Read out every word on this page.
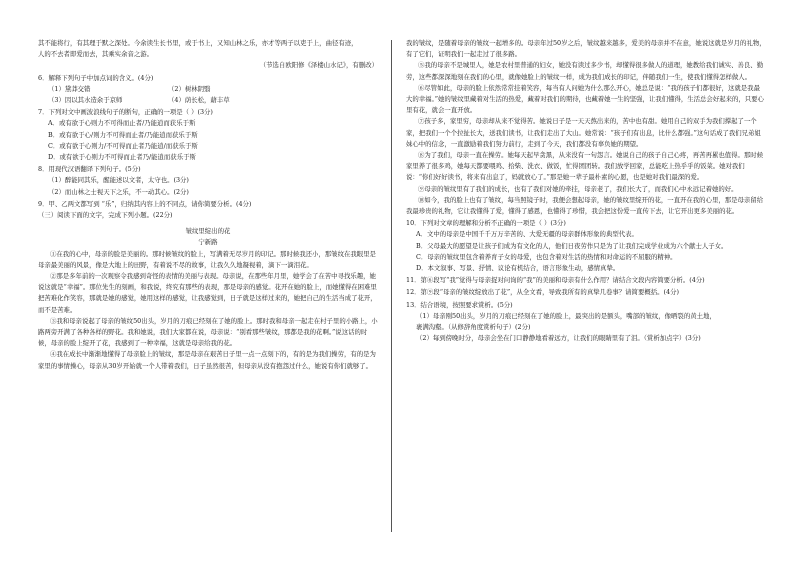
其不能将行，有其理于默之深处。今余读生长书里，或于书上，又知山林之乐，亦才等两子以吏于上，曲径有迹，

人的不去者即爱而去，其乘实余音之游。

（节选自欧阳修《泽楼山水记》，有删改）

6．解释下列句子中加点词的含义。(4分)

（1）黛莽交错	（2）树林阴翳
（3）因以其水造余于京师	（4）荫长松，藉丰草

7．下列对文中画波浪线句子的断句，正确的一项是（ ）(3分)

A．或有欲于心则力不可得而止者/乃能逍而获乐于斯

B．或有欲于心/则力不可得而止者/乃能逍而获乐于斯

C．或有欲于心则力/不可得而止者乃能逍/而获乐于斯

D．或有欲于心则力不可得而止者乃/能逍而获乐于斯

8．用现代汉语翻译下列句子。(5分)

（1）醉能同其乐，醒能述以文者，太守也。(3分)

（2）而山林之士视天下之乐，不一动其心。(2分)

9．甲、乙两文都写到 “乐”，归纳其内容上的不同点，请你简要分析。(4分)

（三）阅读下面的文字，完成下列小题。(22分)

皱纹里绽出的花

宁新路

①在我的心中，母亲的脸是美丽的。那时候皱纹的脸上，写满着无尽岁月的印记。那时候我还小，那皱纹在我眼里是母亲最美丽的风景，像是大地上的田野，有着说不尽的故事，让我久久地凝视着，滴下一滴泪花。

②那是多年前的一次观察令我感到奇怪的表情的美丽与表现。母亲说，在那些年月里，她学会了在苦中寻找乐趣，她说这就是“幸福”。那位先生的刻画，和我说，终究有那些的表现，那是母亲的感觉。花开在她的脸上，而她懂得在困难里把苦难化作笑容，那就是她的感觉，她用这样的感觉，让我感觉到，日子就是这样过来的，她把自己的生活当成了花开，而不是苦难。

③我和母亲说起了母亲的皱纹50出头，岁月的刀痕已经刻在了她的脸上。那时我和母亲一起走在村子里的小路上，小路两旁开满了各种各样的野花。我和她说，我们大家都在说，母亲说：“别看那些皱纹，那都是我的花啊。”说这话的时候，母亲的脸上绽开了花，我感到了一种幸福，这就是母亲给我的花。

④我在成长中渐渐地懂得了母亲脸上的皱纹，那是母亲在艰苦日子里一点一点刻下的，有的是为我们操劳，有的是为家里的事情操心，母亲从30岁开始就一个人带着我们，日子虽然很苦，但母亲从没有抱怨过什么，她说有你们就够了。

我的皱纹，是随着母亲的皱纹一起增多的。母亲年过50岁之后，皱纹越来越多，爱美的母亲并不在意，她说这就是岁月的礼物，有了它们，证明我们一起走过了很多路。

⑤我的母亲不是城里人，她是农村里普通的妇女，她没有读过多少书，却懂得很多做人的道理，她教给我们诚实、善良、勤劳，这些都深深地刻在我们的心里，就像她脸上的皱纹一样，成为我们成长的印记，伴随我们一生，使我们懂得怎样做人。

⑥尽管如此，母亲的脸上依然常常挂着笑容，每当有人问她为什么那么开心，她总是说：“我的孩子们都很好，这就是我最大的幸福。”她的皱纹里藏着对生活的热爱，藏着对我们的期待，也藏着她一生的坚强，让我们懂得，生活总会好起来的，只要心里有花，就会一直开放。

⑦孩子多，家里穷，母亲却从来不觉得苦。她说日子是一天天熬出来的，苦中也有甜。她用自己的双手为我们撑起了一个家，把我们一个个拉扯长大，送我们读书，让我们走出了大山。她常说：“孩子们有出息，比什么都强。”这句话成了我们兄弟姐妹心中的信念，一直激励着我们努力前行，走到了今天，我们都没有辜负她的期望。

⑧为了我们，母亲一直在操劳。她每天起早贪黑，从来没有一句怨言。她说自己的孩子自己心疼，再苦再累也值得。那时候家里养了很多鸡，她每天都要喂鸡、拾柴、洗衣、做饭，忙得团团转。我们放学回家，总能吃上热乎乎的饭菜。她对我们说：“你们好好读书，将来有出息了，妈就放心了。”那是她一辈子最朴素的心愿，也是她对我们最深的爱。

⑨母亲的皱纹里有了我们的成长，也有了我们对她的牵挂，母亲老了，我们长大了，而我们心中永远记着她的好。

⑩如今，我的脸上也有了皱纹，每当照镜子时，我便会想起母亲，她的皱纹里绽开的花，一直开在我的心里，那是母亲留给我最珍贵的礼物，它让我懂得了爱，懂得了感恩，也懂得了珍惜，我会把这份爱一直传下去，让它开出更多美丽的花。

10．下列对文章的理解和分析不正确的一项是（ ）(3分)

A．文中的母亲是中国千千万万辛苦的、大爱无疆的母亲群体形象的典型代表。

B．父母最大的愿望是让孩子们成为有文化的人，他们日夜劳作只是为了让我们完成学业成为六个献士人子女。

C．母亲的皱纹里包含着养育子女的母爱，也包含着对生活的热情和对命运的不屈服的精神。

D．本文叙事、写景、抒情、议论有机结合，语言形象生动，感情真挚。

11．第⑥段写“我”觉得与母亲捉对问询的“我”的美丽和母亲有什么作用？请结合文段内容简要分析。(4分)

12．第⑨段“母亲的皱纹绽放出了花”，从全文看，导致我所有的真挚几卷事？请简要概括。(4分)

13．结合语境，按照要求赏析。(5分)

（1）母亲刚50出头，岁月的刀痕已经刻在了她的脸上，最突出的是额头，嘴部的皱纹，像晒裂的黄土地，

裹满沟壑。（从修辞角度赏析句子）(2分)

（2）每到傍晚时分，母亲会坐在门口静静地看着远方，让我们的眼睛里有了泪。（赏析加点字）(3分)
